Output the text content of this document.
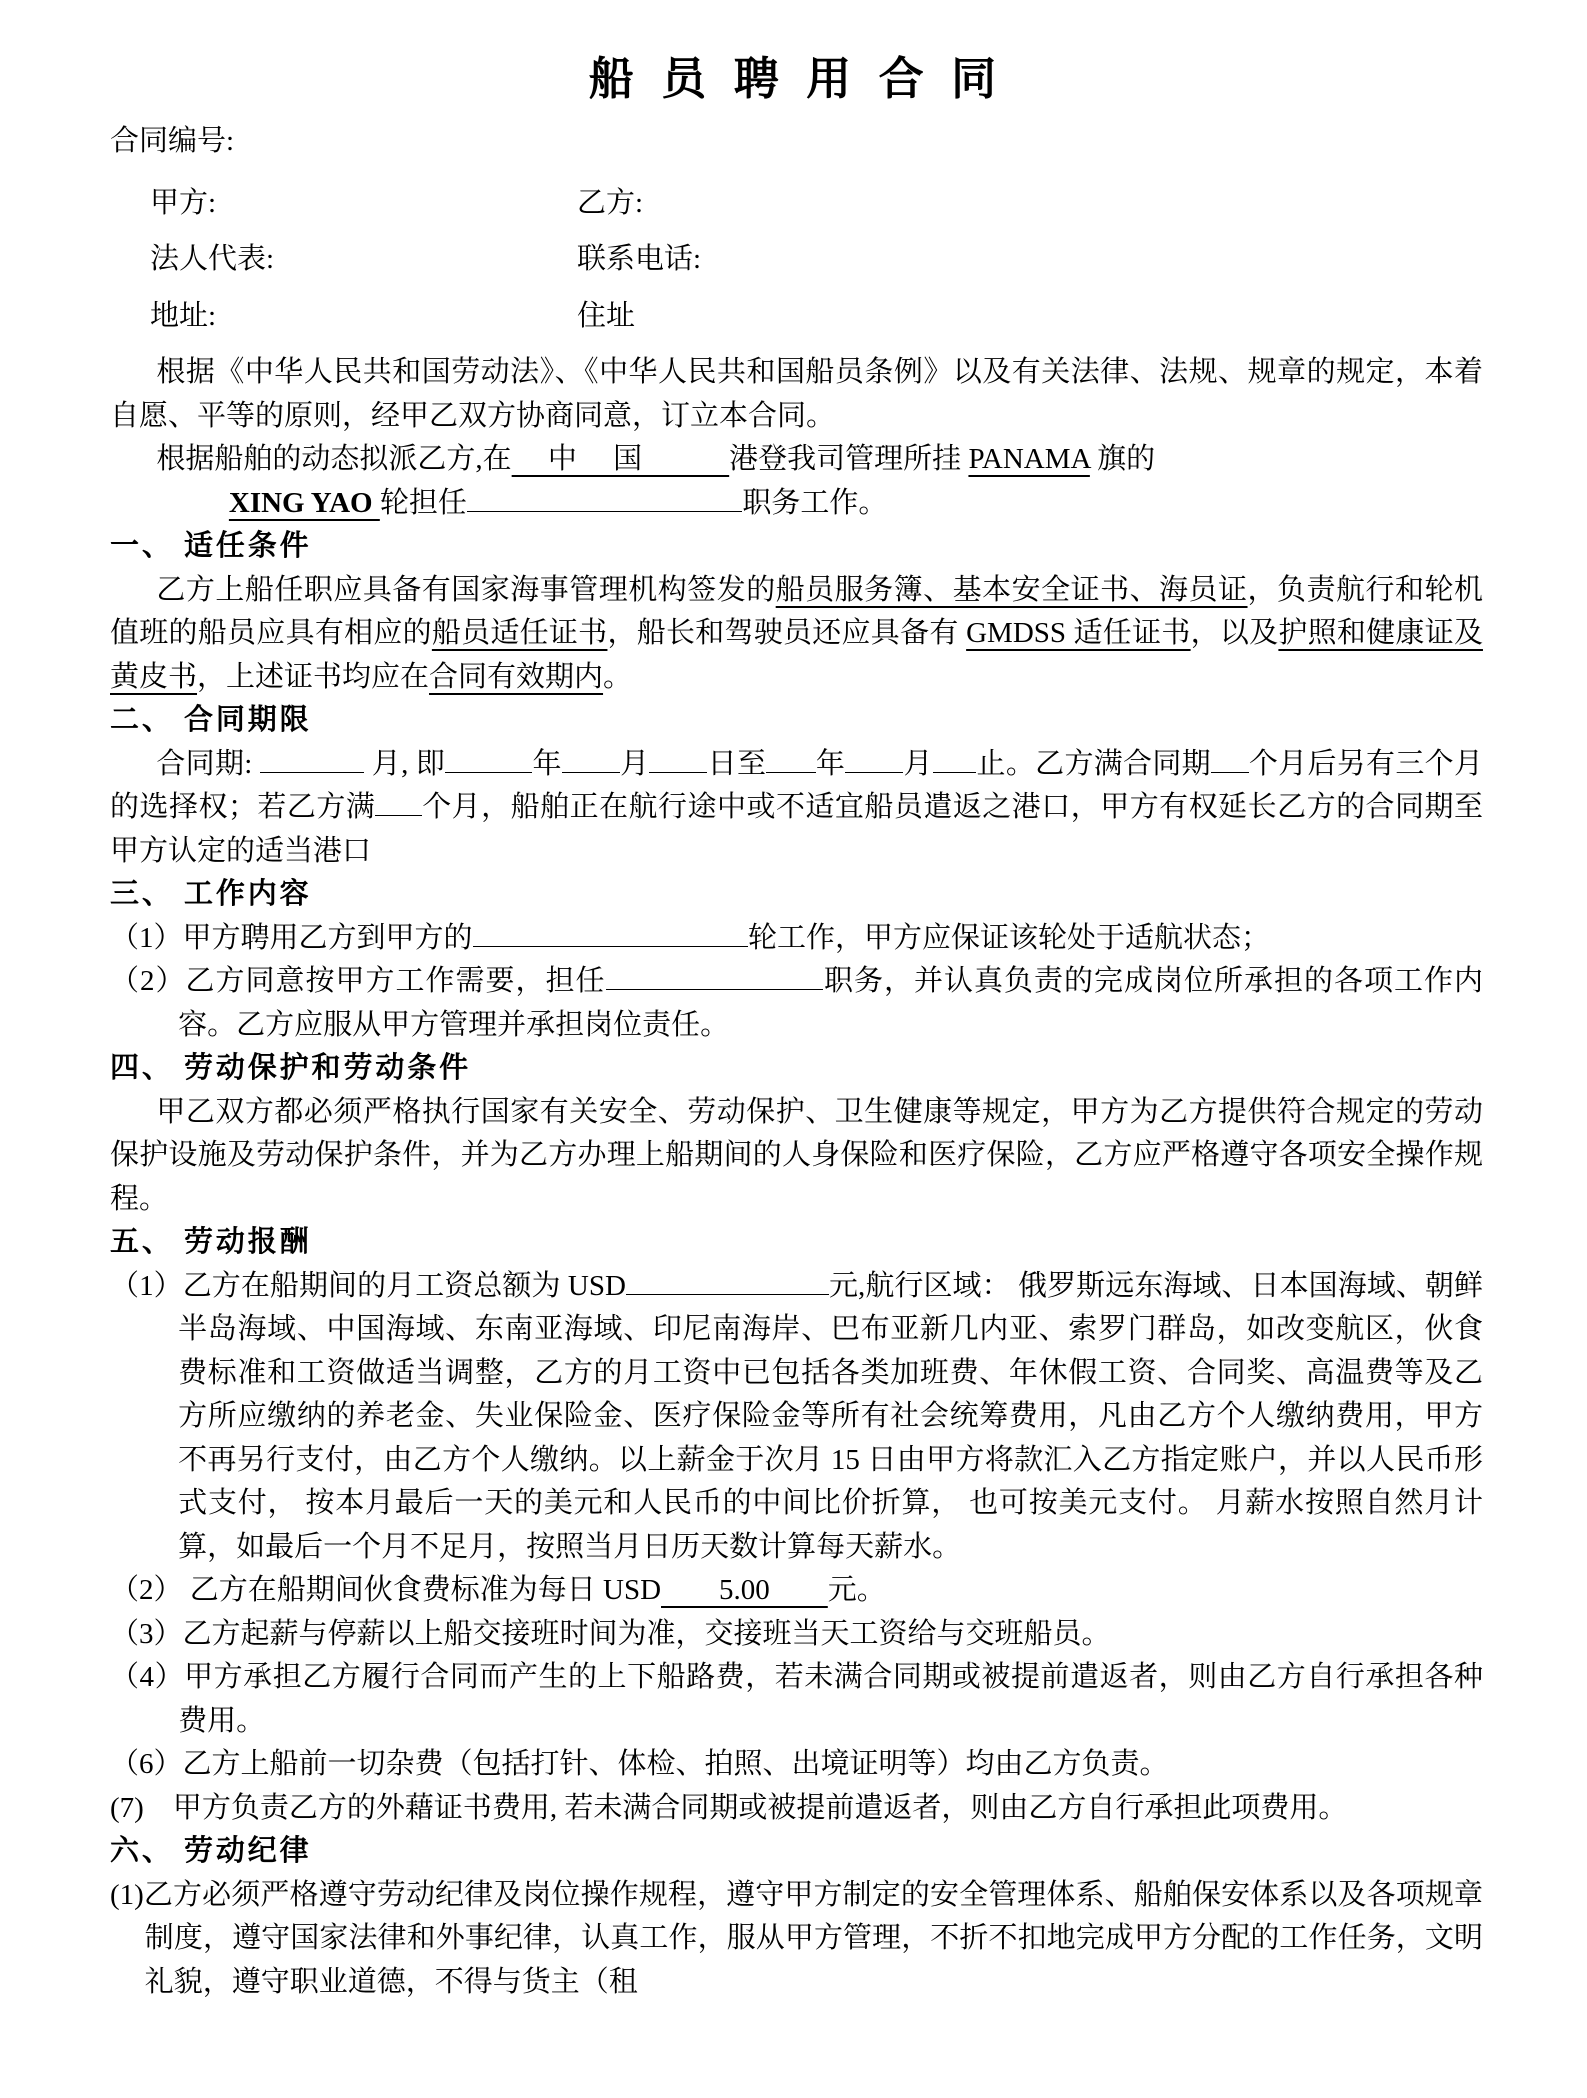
船 员 聘 用 合 同
合同编号:
甲方:	乙方:
法人代表:	联系电话:
地址:	住址
根据《中华人民共和国劳动法》、《中华人民共和国船员条例》以及有关法律、法规、规章的规定，本着自愿、平等的原则，经甲乙双方协商同意，订立本合同。
根据船舶的动态拟派乙方,在　 中　 国　　　港登我司管理所挂 PANAMA 旗的
XING YAO 轮担任	职务工作。
一、 适任条件
乙方上船任职应具备有国家海事管理机构签发的船员服务簿、基本安全证书、海员证，负责航行和轮机值班的船员应具有相应的船员适任证书，船长和驾驶员还应具备有 GMDSS 适任证书，以及护照和健康证及黄皮书，上述证书均应在合同有效期内。
二、 合同期限
合同期:	月, 即	年 月 日至 年 月 止。乙方满合同期 个月后另有三个月的选择权；若乙方满 个月，船舶正在航行途中或不适宜船员遣返之港口，甲方有权延长乙方的合同期至甲方认定的适当港口
三、 工作内容
（1）甲方聘用乙方到甲方的	轮工作，甲方应保证该轮处于适航状态；
（2）乙方同意按甲方工作需要，担任	职务，并认真负责的完成岗位所承担的各项工作内容。乙方应服从甲方管理并承担岗位责任。
四、 劳动保护和劳动条件
甲乙双方都必须严格执行国家有关安全、劳动保护、卫生健康等规定，甲方为乙方提供符合规定的劳动保护设施及劳动保护条件，并为乙方办理上船期间的人身保险和医疗保险，乙方应严格遵守各项安全操作规程。
五、 劳动报酬
（1）乙方在船期间的月工资总额为 USD	元,航行区域： 俄罗斯远东海域、日本国海域、朝鲜半岛海域、中国海域、东南亚海域、印尼南海岸、巴布亚新几内亚、索罗门群岛，如改变航区，伙食费标准和工资做适当调整，乙方的月工资中已包括各类加班费、年休假工资、合同奖、高温费等及乙方所应缴纳的养老金、失业保险金、医疗保险金等所有社会统筹费用，凡由乙方个人缴纳费用，甲方不再另行支付，由乙方个人缴纳。以上薪金于次月 15 日由甲方将款汇入乙方指定账户，并以人民币形式支付， 按本月最后一天的美元和人民币的中间比价折算， 也可按美元支付。 月薪水按照自然月计算，如最后一个月不足月，按照当月日历天数计算每天薪水。
（2） 乙方在船期间伙食费标准为每日 USD　　5.00　　元。
（3）乙方起薪与停薪以上船交接班时间为准，交接班当天工资给与交班船员。
（4）甲方承担乙方履行合同而产生的上下船路费，若未满合同期或被提前遣返者，则由乙方自行承担各种费用。
（6）乙方上船前一切杂费（包括打针、体检、拍照、出境证明等）均由乙方负责。
(7)　甲方负责乙方的外藉证书费用, 若未满合同期或被提前遣返者，则由乙方自行承担此项费用。
六、 劳动纪律
(1)乙方必须严格遵守劳动纪律及岗位操作规程，遵守甲方制定的安全管理体系、船舶保安体系以及各项规章制度，遵守国家法律和外事纪律，认真工作，服从甲方管理，不折不扣地完成甲方分配的工作任务，文明礼貌，遵守职业道德，不得与货主（租
